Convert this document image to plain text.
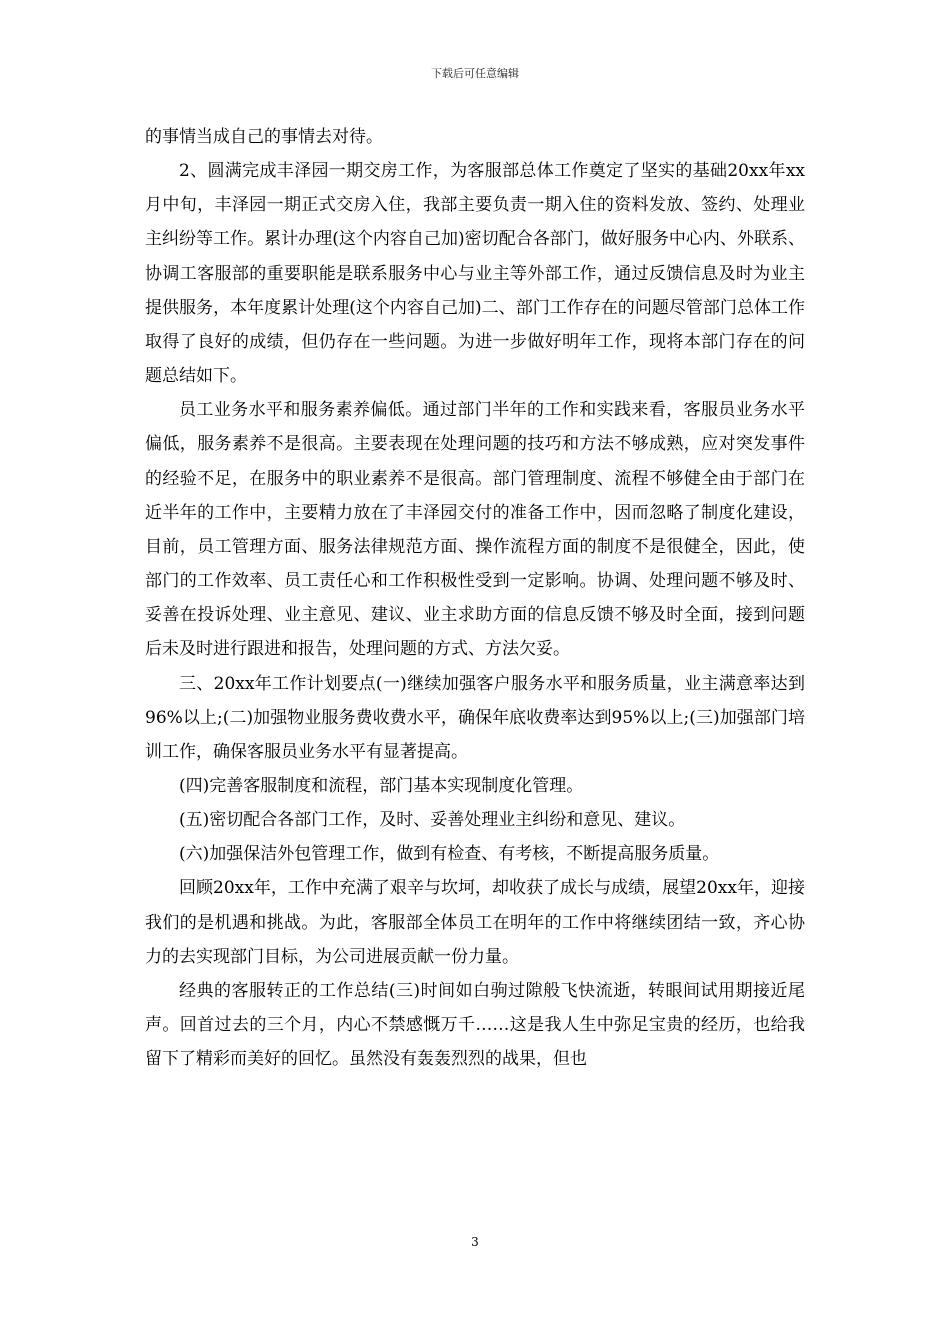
下载后可任意编辑

的事情当成自己的事情去对待。

2、圆满完成丰泽园一期交房工作，为客服部总体工作奠定了坚实的基础20xx年xx月中旬，丰泽园一期正式交房入住，我部主要负责一期入住的资料发放、签约、处理业主纠纷等工作。累计办理(这个内容自己加)密切配合各部门，做好服务中心内、外联系、协调工客服部的重要职能是联系服务中心与业主等外部工作，通过反馈信息及时为业主提供服务，本年度累计处理(这个内容自己加)二、部门工作存在的问题尽管部门总体工作取得了良好的成绩，但仍存在一些问题。为进一步做好明年工作，现将本部门存在的问题总结如下。

员工业务水平和服务素养偏低。通过部门半年的工作和实践来看，客服员业务水平偏低，服务素养不是很高。主要表现在处理问题的技巧和方法不够成熟，应对突发事件的经验不足，在服务中的职业素养不是很高。部门管理制度、流程不够健全由于部门在近半年的工作中，主要精力放在了丰泽园交付的准备工作中，因而忽略了制度化建设，目前，员工管理方面、服务法律规范方面、操作流程方面的制度不是很健全，因此，使部门的工作效率、员工责任心和工作积极性受到一定影响。协调、处理问题不够及时、妥善在投诉处理、业主意见、建议、业主求助方面的信息反馈不够及时全面，接到问题后未及时进行跟进和报告，处理问题的方式、方法欠妥。

三、20xx年工作计划要点(一)继续加强客户服务水平和服务质量，业主满意率达到96%以上;(二)加强物业服务费收费水平，确保年底收费率达到95%以上;(三)加强部门培训工作，确保客服员业务水平有显著提高。

(四)完善客服制度和流程，部门基本实现制度化管理。

(五)密切配合各部门工作，及时、妥善处理业主纠纷和意见、建议。

(六)加强保洁外包管理工作，做到有检查、有考核，不断提高服务质量。

回顾20xx年，工作中充满了艰辛与坎坷，却收获了成长与成绩，展望20xx年，迎接我们的是机遇和挑战。为此，客服部全体员工在明年的工作中将继续团结一致，齐心协力的去实现部门目标，为公司进展贡献一份力量。

经典的客服转正的工作总结(三)时间如白驹过隙般飞快流逝，转眼间试用期接近尾声。回首过去的三个月，内心不禁感慨万千……这是我人生中弥足宝贵的经历，也给我留下了精彩而美好的回忆。虽然没有轰轰烈烈的战果，但也

3
